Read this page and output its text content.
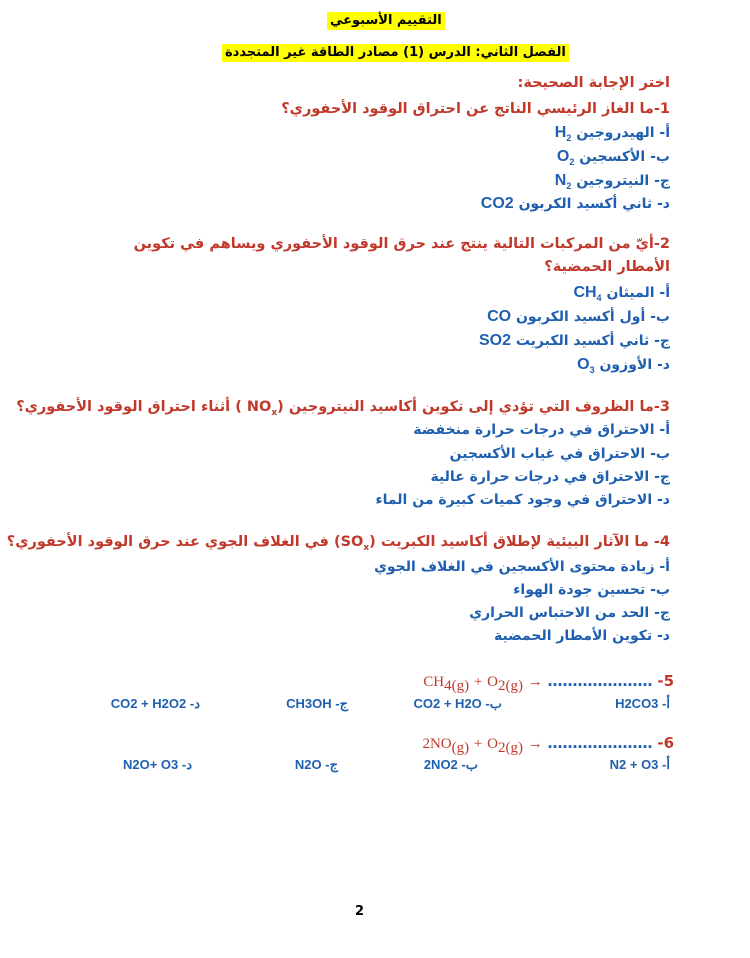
التقييم الأسبوعي
الفصل الثاني: الدرس (1) مصادر الطاقة غير المتجددة
اختر الإجابة الصحيحة:
1-ما الغاز الرئيسي الناتج عن احتراق الوقود الأحفوري؟
أ- الهيدروجين $H_2$
ب- الأكسجين $O_2$
ج- النيتروجين $N_2$
د- ثاني أكسيد الكربون CO2
2-أيّ من المركبات التالية ينتج عند حرق الوقود الأحفوري ويساهم في تكوين الأمطار الحمضية؟
أ- الميثان $CH_4$
ب- أول أكسيد الكربون CO
ج- ثاني أكسيد الكبريت SO2
د- الأوزون $O_3$
3-ما الظروف التي تؤدي إلى تكوين أكاسيد النيتروجين ( $NO_x$) أثناء احتراق الوقود الأحفوري؟
أ- الاحتراق في درجات حرارة منخفضة
ب- الاحتراق في غياب الأكسجين
ج- الاحتراق في درجات حرارة عالية
د- الاحتراق في وجود كميات كبيرة من الماء
4- ما الآثار البيئية لإطلاق أكاسيد الكبريت $(SO_x)$ في الغلاف الجوي عند حرق الوقود الأحفوري؟
أ- زيادة محتوى الأكسجين في الغلاف الجوي
ب- تحسين جودة الهواء
ج- الحد من الاحتباس الحراري
د- تكوين الأمطار الحمضية
5- $CH_{4(g)} + O_{2(g)}$ → …………………
أ- H2CO3
ب- CO2 + H2O
ج- CH3OH
د- CO2 + H2O2
6- $2NO_{(g)} + O_{2(g)}$ → …………………
أ- N2 + O3
ب- 2NO2
ج- N2O
د- N2O+ O3
2
